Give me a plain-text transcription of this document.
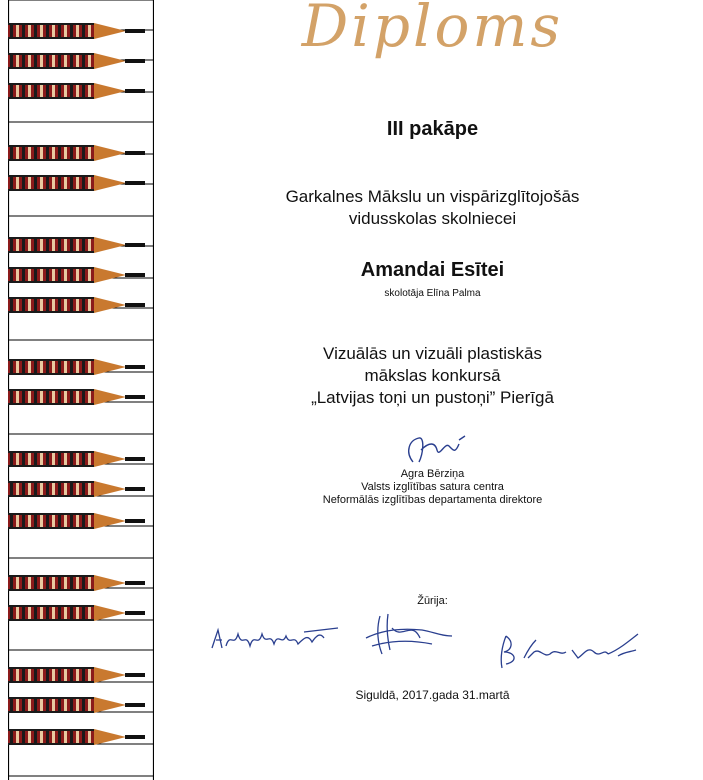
Diploms
III pakāpe
Garkalnes Mākslu un vispārizglītojošās
vidusskolas skolniecei
Amandai Esītei
skolotāja Elīna Palma
Vizuālās un vizuāli plastiskās
mākslas konkursā
„Latvijas toņi un pustoņi” Pierīgā
Agra Bērziņa
Valsts izglītības satura centra
Neformālās izglītības departamenta direktore
Žūrija:
Siguldā, 2017.gada 31.martā
